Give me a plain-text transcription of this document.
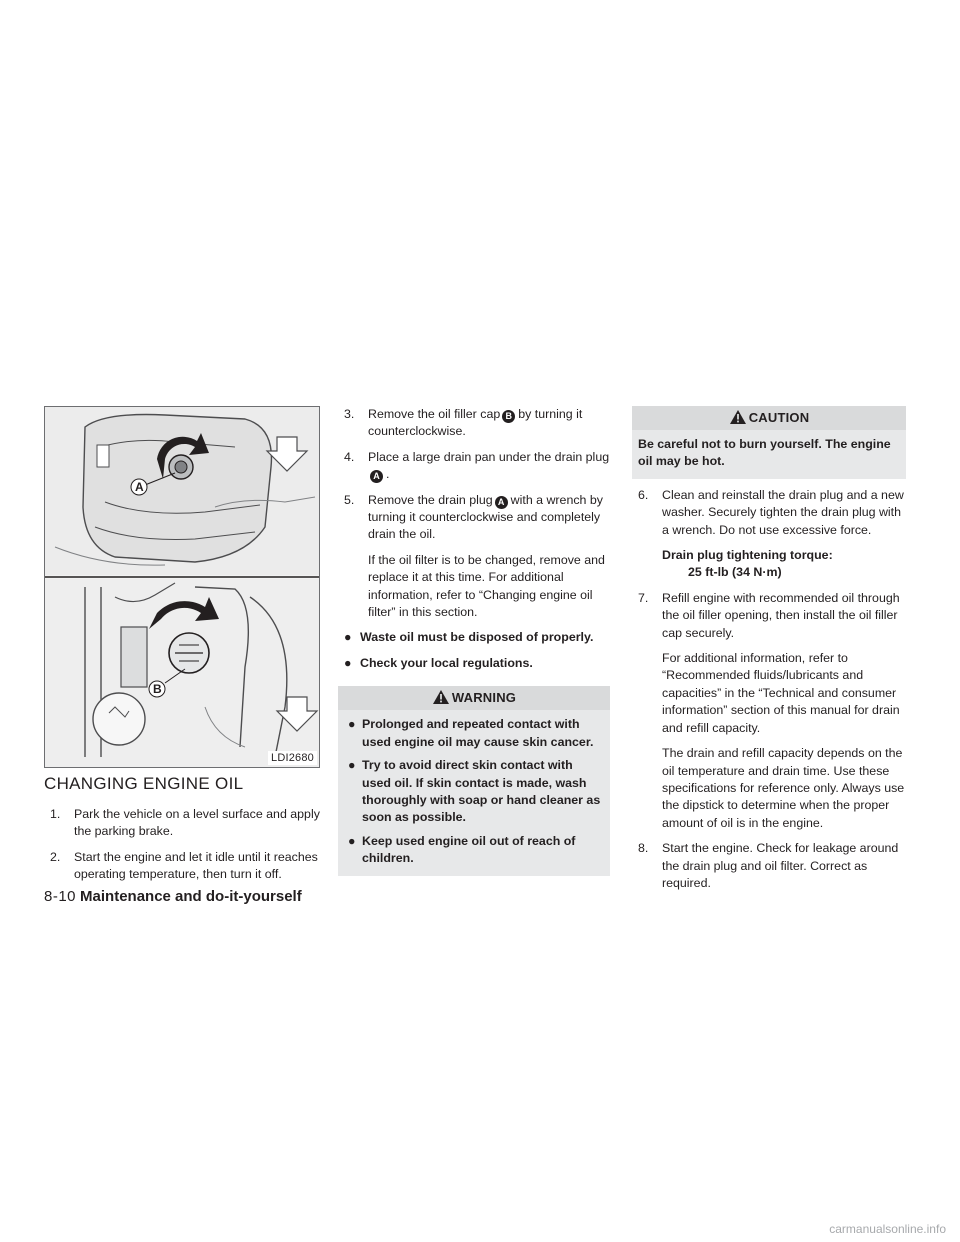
A
B
LDI2680
CHANGING ENGINE OIL

1. Park the vehicle on a level surface and apply the parking brake.

2. Start the engine and let it idle until it reaches operating temperature, then turn it off.

3. Remove the oil filler cap B by turning it counterclockwise.

4. Place a large drain pan under the drain plugA .

5. Remove the drain plug A with a wrench by turning it counterclockwise and completely drain the oil.

If the oil filter is to be changed, remove and replace it at this time. For additional information, refer to “Changing engine oil filter” in this section.

● Waste oil must be disposed of properly.

● Check your local regulations.

WARNING

● Prolonged and repeated contact with used engine oil may cause skin cancer.

● Try to avoid direct skin contact with used oil. If skin contact is made, wash thoroughly with soap or hand cleaner as soon as possible.

● Keep used engine oil out of reach of children.

CAUTION

Be careful not to burn yourself. The engine oil may be hot.

6. Clean and reinstall the drain plug and a new washer. Securely tighten the drain plug with a wrench. Do not use excessive force.

Drain plug tightening torque:

25 ft-lb (34 N·m)

7. Refill engine with recommended oil through the oil filler opening, then install the oil filler cap securely.

For additional information, refer to “Recommended fluids/lubricants and capacities” in the “Technical and consumer information” section of this manual for drain and refill capacity.

The drain and refill capacity depends on the oil temperature and drain time. Use these specifications for reference only. Always use the dipstick to determine when the proper amount of oil is in the engine.

8. Start the engine. Check for leakage around the drain plug and oil filter. Correct as required.

8-10 Maintenance and do-it-yourself
carmanualsonline.info
